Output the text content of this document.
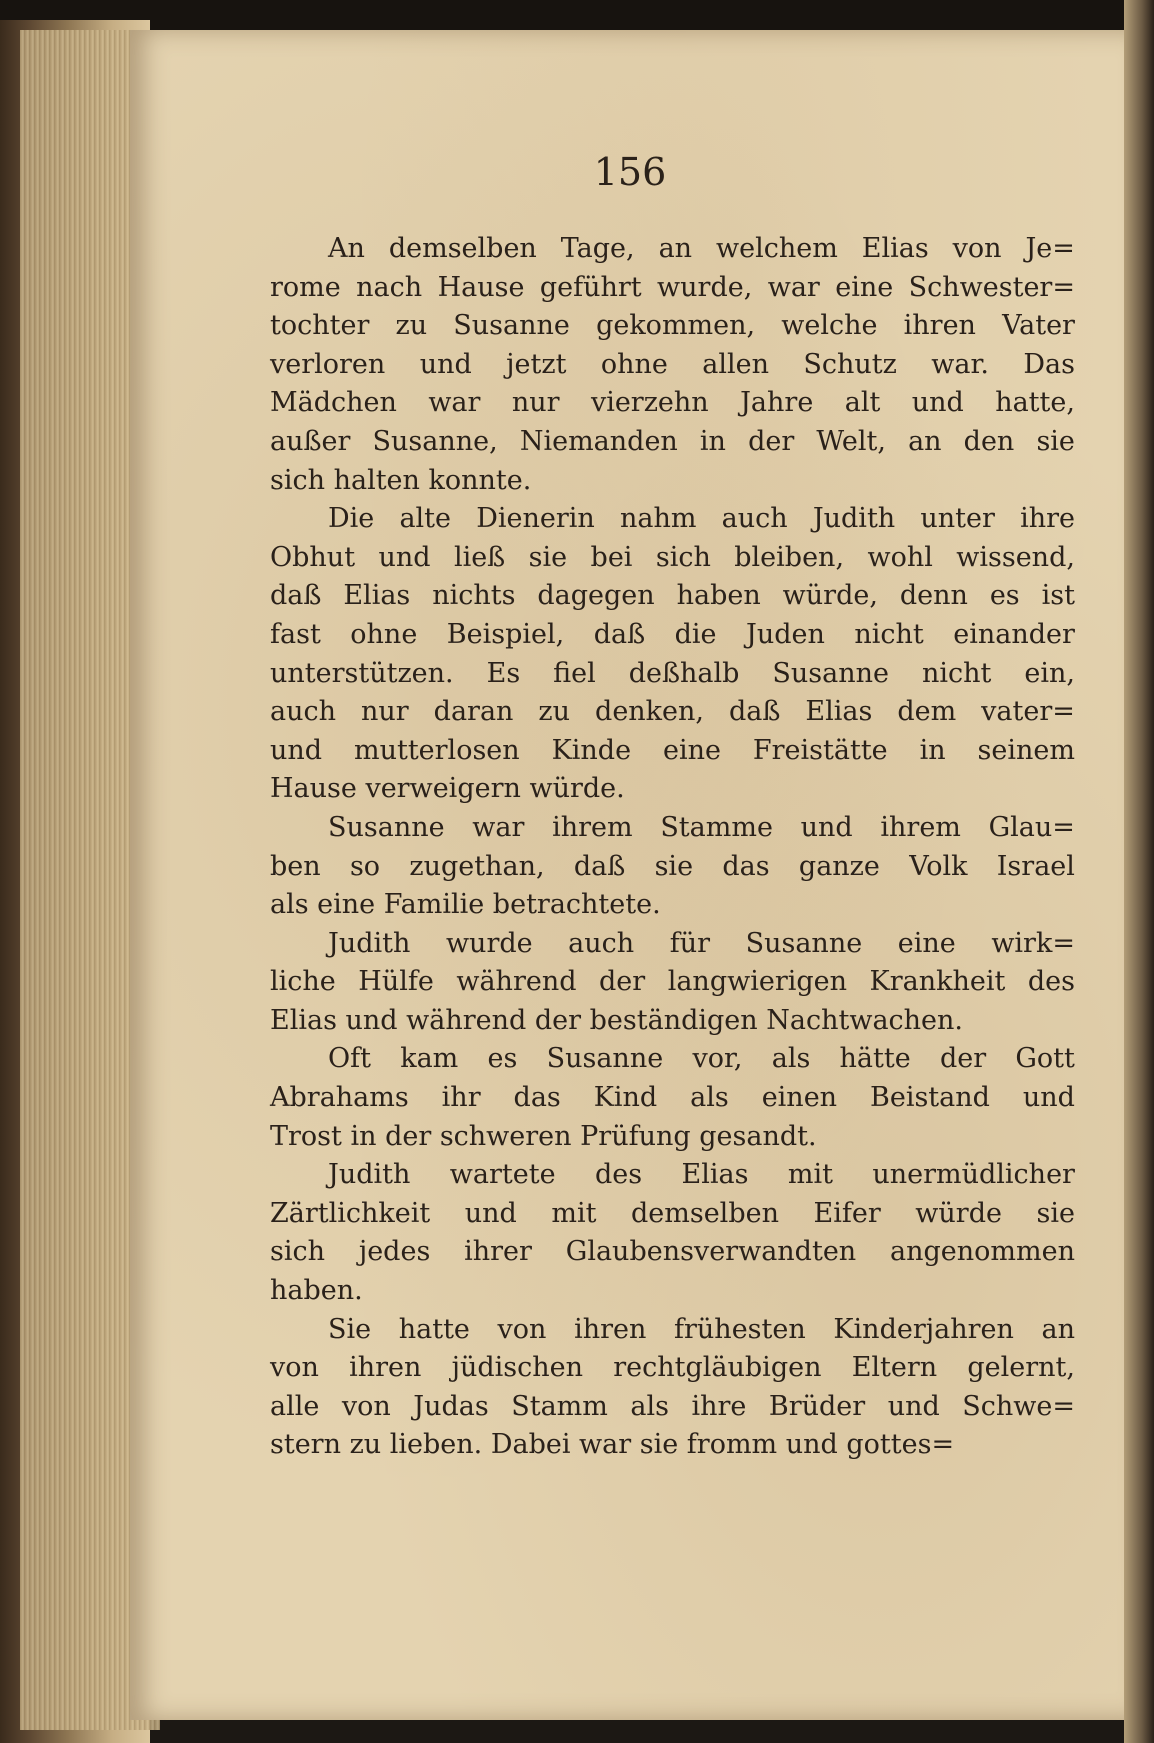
156
An demselben Tage, an welchem Elias von Je=
rome nach Hause geführt wurde, war eine Schwester=
tochter zu Susanne gekommen, welche ihren Vater
verloren und jetzt ohne allen Schutz war. Das
Mädchen war nur vierzehn Jahre alt und hatte,
außer Susanne, Niemanden in der Welt, an den sie
sich halten konnte.
Die alte Dienerin nahm auch Judith unter ihre
Obhut und ließ sie bei sich bleiben, wohl wissend,
daß Elias nichts dagegen haben würde, denn es ist
fast ohne Beispiel, daß die Juden nicht einander
unterstützen. Es fiel deßhalb Susanne nicht ein,
auch nur daran zu denken, daß Elias dem vater=
und mutterlosen Kinde eine Freistätte in seinem
Hause verweigern würde.
Susanne war ihrem Stamme und ihrem Glau=
ben so zugethan, daß sie das ganze Volk Israel
als eine Familie betrachtete.
Judith wurde auch für Susanne eine wirk=
liche Hülfe während der langwierigen Krankheit des
Elias und während der beständigen Nachtwachen.
Oft kam es Susanne vor, als hätte der Gott
Abrahams ihr das Kind als einen Beistand und
Trost in der schweren Prüfung gesandt.
Judith wartete des Elias mit unermüdlicher
Zärtlichkeit und mit demselben Eifer würde sie
sich jedes ihrer Glaubensverwandten angenommen
haben.
Sie hatte von ihren frühesten Kinderjahren an
von ihren jüdischen rechtgläubigen Eltern gelernt,
alle von Judas Stamm als ihre Brüder und Schwe=
stern zu lieben. Dabei war sie fromm und gottes=
